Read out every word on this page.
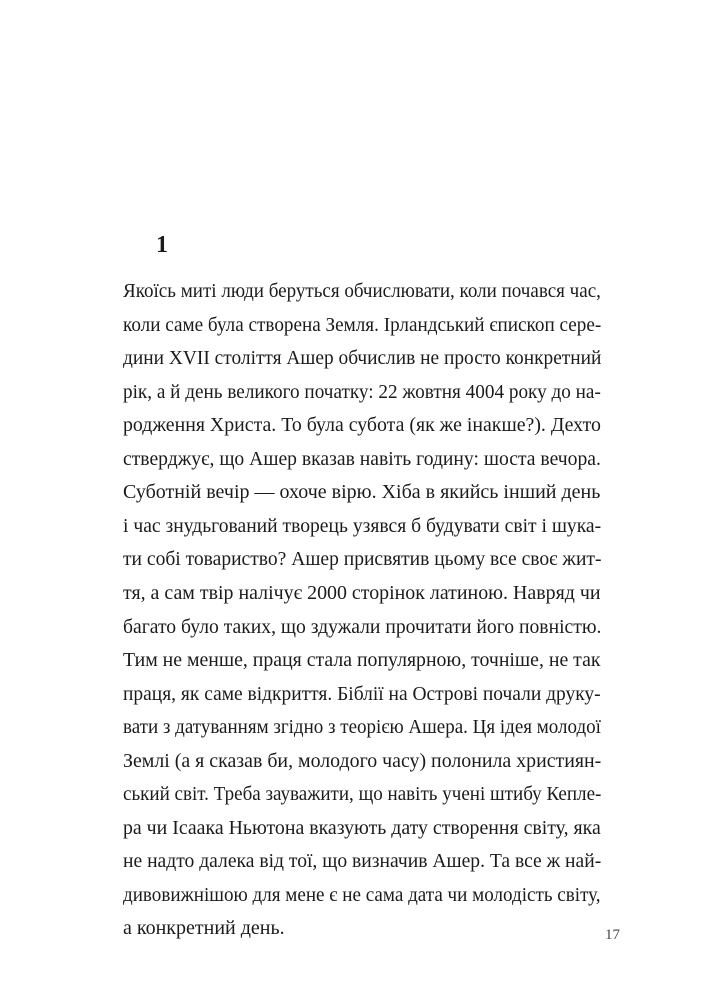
1
Якоїсь миті люди беруться обчислювати, коли почався час,
коли саме була створена Земля. Ірландський єпископ сере-
дини XVII століття Ашер обчислив не просто конкретний
рік, а й день великого початку: 22 жовтня 4004 року до на-
родження Христа. То була субота (як же інакше?). Дехто
стверджує, що Ашер вказав навіть годину: шоста вечора.
Суботній вечір — охоче вірю. Хіба в якийсь інший день
і час знудьгований творець узявся б будувати світ і шука-
ти собі товариство? Ашер присвятив цьому все своє жит-
тя, а сам твір налічує 2000 сторінок латиною. Навряд чи
багато було таких, що здужали прочитати його повністю.
Тим не менше, праця стала популярною, точніше, не так
праця, як саме відкриття. Біблії на Острові почали друку-
вати з датуванням згідно з теорією Ашера. Ця ідея молодої
Землі (а я сказав би, молодого часу) полонила християн-
ський світ. Треба зауважити, що навіть учені штибу Кепле-
ра чи Ісаака Ньютона вказують дату створення світу, яка
не надто далека від тої, що визначив Ашер. Та все ж най-
дивовижнішою для мене є не сама дата чи молодість світу,
а конкретний день.	17
